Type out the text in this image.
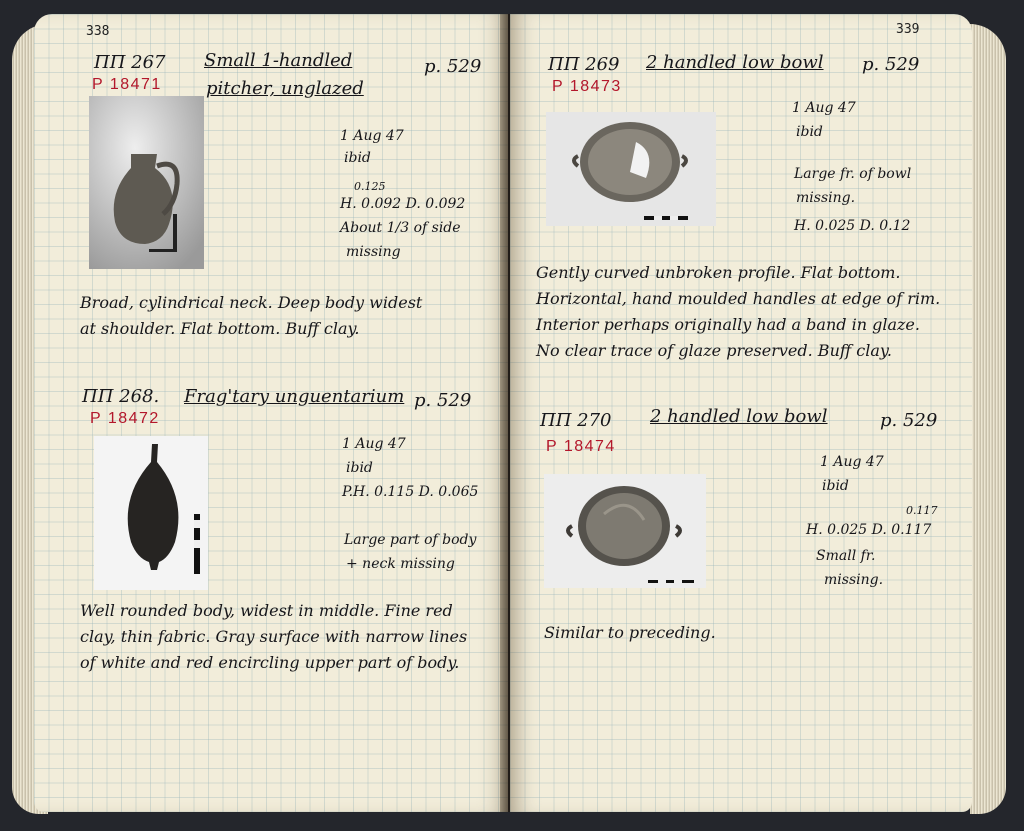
338
ΠΠ 267 Small 1-handled
pitcher, unglazed
p. 529
P 18471
1 Aug 47
ibid
0.125
H. 0.092 D. 0.092
About 1/3 of side
missing
Broad, cylindrical neck. Deep body widest at shoulder. Flat bottom. Buff clay.
ΠΠ 268. Frag'tary unguentarium p. 529
P 18472
1 Aug 47
ibid
P.H. 0.115 D. 0.065
Large part of body
+ neck missing
Well rounded body, widest in middle. Fine red clay, thin fabric. Gray surface with narrow lines of white and red encircling upper part of body.
339
ΠΠ 269 2 handled low bowl p. 529
P 18473
1 Aug 47
ibid
Large fr. of bowl
missing.
H. 0.025 D. 0.12
Gently curved unbroken profile. Flat bottom. Horizontal, hand moulded handles at edge of rim. Interior perhaps originally had a band in glaze. No clear trace of glaze preserved. Buff clay.
ΠΠ 270 2 handled low bowl	p. 529
P 18474
1 Aug 47
ibid
0.117
H. 0.025 D. 0.117
Small fr.
missing.
Similar to preceding.
